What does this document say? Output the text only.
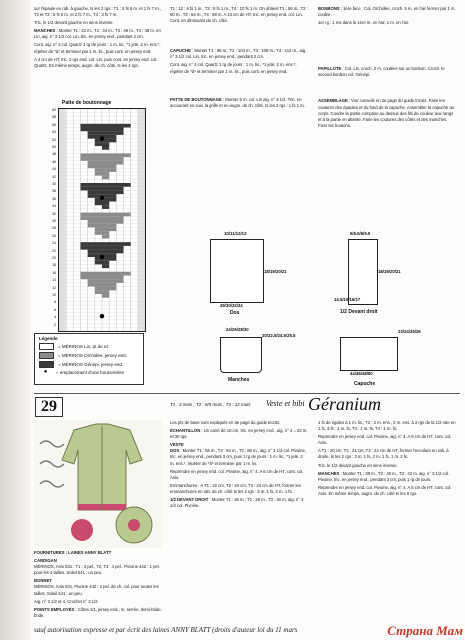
sur l'épaule en rab. à gauche, ts les 2 rgs : T1 : 2 fs 6 m. et 1 fs 7 m., T2 et T3 : 5 fs 6 m. et 2 fs 7 m., T4 : 3 fs 7 m.

Tric. le 1/2 devant gauche en sens inverse.

MANCHES : Monter T1 : 42 m., T2 : 44 m., T3 : 46 m., T4 : 48 m. en Lin, aig. n° 3 1/2 col. Lin, tric. en jersey end., pendant 2 cm.

Cont. aig. n° 4 col. Quartz 1 rg de jours : 1 m. lis., *1 jeté, 2 m. ens.*, répéter de *à* et terminer par 1 m. lis., puis cont. en jersey end.

A 4 cm de HT, tric. 2 rgs end. col. Lin, puis cont. en jersey end. col. Quartz. En même temps, augm. de ch. côté, ts les 4 rgs.

Patte de boutonnage
60
58
56
54
52
50
48
46
44
42
40
38
36
34
32
30
28
26
24
22
20
18
16
14
12
10
8
6
4
2
Légende
= MÉRINOS Lin, pt de riz
= MÉRINOS Orchidée, jersey end.
= MÉRINOS Génépi, jersey end.
●	= emplacement d'une boutonnière

T1 : 12 : 8 fs 1 m., T3 : 9 fs 1 m., T4 : 10 fs 1 m. On obtient T1 : 56 m., T2 : 60 m., T3 : 64 m., T4 : 68 m. A 13 cm de HT, tric. en jersey end. col. Lin. Cont. en diminuant de ch. côté.

CAPUCHE : Monter T1 : 98 m., T2 : 104 m., T3 : 108 m., T4 : 112 m., aig. n° 3 1/2 col. Lin, tric. en jersey end., pendant 2 cm.

Cont. aig. n° 4 col. Quartz 1 rg de jours : 1 m. lis., *1 jeté, 2 m. ens.*, répéter de *à* et terminer par 1 m. lis., puis cont. en jersey end.

PATTE DE BOUTONNAGE : Monter 5 m. col. Lin aig. n° 3 1/2. Tric. en accourant en suiv. la grille et en augm. de ch. côté, ts les 2 rgs : 1 fs 1 m.

BONBONS : 1ère face : Col. Orchidée, croch. 5 m. en l'air fermer par 1 m. coulée.

1er rg : 1 ms dans la 1ère m. en l'air, 1 m. en l'air.

PAPILLOTE : Col. Lin, croch. 2 m. coulées sur un bonbon. Croch. le second bonbon col. Génépi.

ASSEMBLAGE : Voir conseils en 2e page du guide tricots. Faire les coutures des épaules et du fond de la capuche. Assembler la capuche au corps. Coudre la partie comprise au dessus des fils de couleur aux rangs et à la partie en attente. Faire les coutures des côtés et des manches. Fixer les boutons.

10/11/12/13
18/19/20/21
29/30/32/34
Dos
5/5.5/6/6.5
18/19/20/21
14.5/15/16/17
1/2 Devant droit
24/26/28/30
20/22.5/24.5/25.5
Manches
23/24/25/26
44/46/48/50
Capuche
29	T1 : 3 mois ; T2 : 6/9 mois ; T3 : 12 mois Veste et bibi Géranium

FOURNITURES : LAINES ANNY BLATT

CARDIGAN

MÉRINOS, Anis 031 : T1 : 3 pel., T2, T3 : 4 pel., Pivoine 442 : 1 pel. pour les 4 tailles. Soleil 541 : un peu.

BONNET

MÉRINOS, Anis 031, Pivoine 442 : 1 pel. de ch. col. pour toutes les tailles. Soleil 541 : un peu.

Aig. n° 3 1/2 et 4. Crochet n° 3 1/2.

POINTS EMPLOYÉS : Côtes 1/1, jersey end., m. serrée, demi-bride, bride.

Les pts de base sont expliqués en 3e page du guide tricots.

ÉCHANTILLON : Un carré de 10 cm, tric. en jersey end., aig. n° 4 = 22 m. et 30 rgs.

VESTE

DOS : Monter T1 : 56 m., T2 : 64 m., T3 : 66 m., aig. n° 3 1/2 col. Pivoine, tric. en jersey end., pendant 3 cm, puis 1 rg de jours : 1 m. lis., *1 jeté, 2 m. ens.*, répéter de *à* et terminer par 1 m. lis.

Reprendre en jersey end. col. Pivoine, aig. n° 4. A 6 cm de HT, cont. col. Anis.

Emmanchures : A T1 : 22 cm, T2 : 23 cm, T3 : 24 cm de HT, former les emmanchures en rab. de ch. côté ts les 2 rgs : 3 m. 1 fs, 2 m. 1 fs.

1/2 DEVANT DROIT : Monter T1 : 26 m., T2 : 28 m., T3 : 30 m. aig. n° 3 1/2 col. Pivoine.

1 fs de égales à 1 m. lis., T2 : 2 m. ens., 2 m. ens. à 2 rgs de la 1/2 nde en 1 fs, 3 fs : 1 m. fs, T3 : 1 m. fs, T4 : 1 m. fs.

Reprendre en jersey end. col. Pivoine, aig. n° 4. A 6 cm de HT, cont. col. Anis.

A T1 : 20 cm, T2 : 21 cm, T3 : 22 cm de HT, former l'encolure en rab. à droite, ts les 2 rgs : 3 m. 1 fs, 2 m. 1 fs, 1 m. 2 fs.

Tric. le 1/2 devant gauche en sens inverse.

MANCHES : Monter T1 : 38 m., T2 : 40 m., T3 : 42 m. aig. n° 3 1/2 col. Pivoine, tric. en jersey end., pendant 3 cm, puis 1 rg de jours.

Reprendre en jersey end. col. Pivoine, aig. n° 4. A 6 cm de HT, cont. col. Anis. En même temps, augm. de ch. côté ts les 8 rgs.

sauf autorisation expresse et par écrit des laines ANNY BLATT (droits d'auteur loi du 11 mars	Страна Мам
